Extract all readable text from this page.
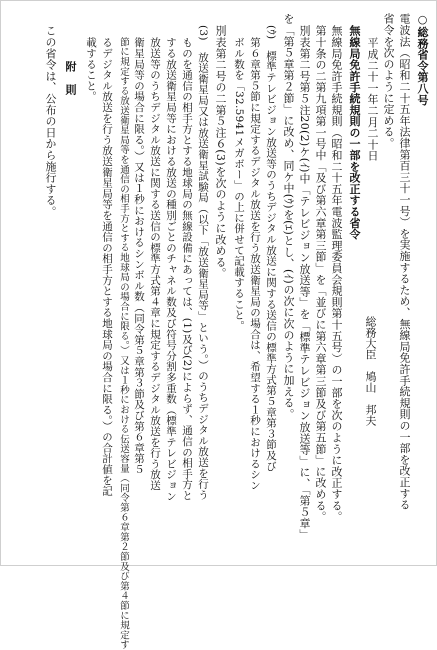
○総務省令第八号
電波法（昭和二十五年法律第百三十一号）を実施するため、無線局免許手続規則の一部を改正する
省令を次のように定める。
平成二十一年二月二十日
総務大臣　鳩山　邦夫
無線局免許手続規則の一部を改正する省令
無線局免許手続規則（昭和二十五年電波監理委員会規則第十五号）の一部を次のように改正する。
第十条の二第九項第一号中「及び第六章第三節」を「並びに第六章第三節及び第五節」に改める。
別表第二号第５注20(2)ケ(ｲ)中「テレビジョン放送等」を「標準テレビジョン放送等」に、「第５章」
を「第５章第２節」に改め、同ケ中(ｳ)を(ｴ)とし、(ｲ)の次に次のように加える。
(ｳ)　標準テレビジョン放送等のうちデジタル放送に関する送信の標準方式第５章第３節及び
第６章第５節に規定するデジタル放送を行う放送衛星局の場合は、希望する１秒におけるシン
ボル数を「32.5941メガボー」の上に併せて記載すること。
別表第二号の二第５注６(3)を次のように改める。
(3)　放送衛星局又は放送衛星試験局（以下「放送衛星局等」という。）のうちデジタル放送を行う
ものを通信の相手方とする地球局の無線設備にあっては、(1)及び(2)によらず、通信の相手方と
する放送衛星局等における放送の種別ごとのチャネル数及び符号分割多重数（標準テレビジョン
放送等のうちデジタル放送に関する送信の標準方式第４章に規定するデジタル放送を行う放送
衛星局等の場合に限る。）又は１秒におけるシンボル数（同令第５章第３節及び第６章第５
節に規定する放送衛星局等を通信の相手方とする地球局の場合に限る。）又は１秒における伝送容量（同令第６章第２節及び第４節に規定す
るデジタル放送を行う放送衛星局等を通信の相手方とする地球局の場合に限る。）の合計値を記
載すること。
附　則
この省令は、公布の日から施行する。
